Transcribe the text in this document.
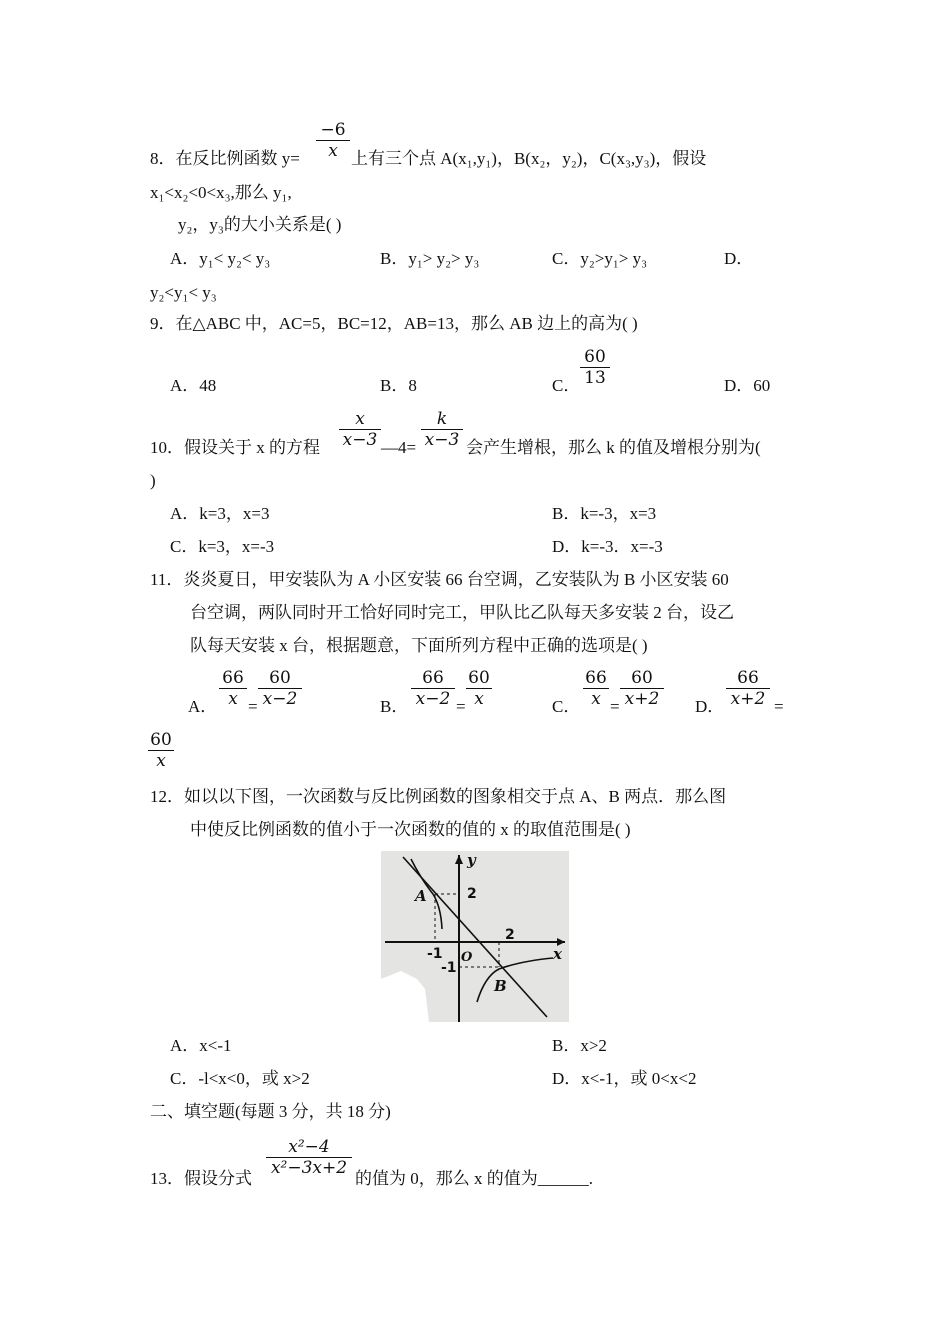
$\frac{-6}{x}$
8．在反比例函数 y=	上有三个点 A(x₁,y₁)，B(x₂，y₂)，C(x₃,y₃)，假设
x₁<x₂<0<x₃,那么 y₁,
y₂，y₃的大小关系是( )
A．y₁< y₂< y₃	B．y₁> y₂> y₃	C．y₂>y₁> y₃	D．
y₂<y₁< y₃
9．在△ABC 中，AC=5，BC=12，AB=13，那么 AB 边上的高为( )
A．48	B．8	C． $\frac{60}{13}$	D．60
10．假设关于 x 的方程 $\frac{x}{x-3}$ —4= $\frac{k}{x-3}$ 会产生增根，那么 k 的值及增根分别为(
)
A．k=3，x=3	B．k=-3，x=3
C．k=3，x=-3	D．k=-3．x=-3
11．炎炎夏日，甲安装队为 A 小区安装 66 台空调，乙安装队为 B 小区安装 60
台空调，两队同时开工恰好同时完工，甲队比乙队每天多安装 2 台，设乙
队每天安装 x 台，根据题意，下面所列方程中正确的选项是( )
A． $\frac{66}{x} = \frac{60}{x-2}$	B． $\frac{66}{x-2} = \frac{60}{x}$	C． $\frac{66}{x} = \frac{60}{x+2}$ D． $\frac{66}{x+2}$ =
$\frac{60}{x}$
12．如以以下图，一次函数与反比例函数的图象相交于点 A、B 两点．那么图
中使反比例函数的值小于一次函数的值的 x 的取值范围是( )
y
x
A
B
O
2
2
-1
-1
A．x<-1	B．x>2
C．-l<x<0，或 x>2	D．x<-1，或 0<x<2
二、填空题(每题 3 分，共 18 分)
13．假设分式
$\frac{\text{x²−4}}{\text{x²−3x+2}}$
的值为 0，那么 x 的值为______.
